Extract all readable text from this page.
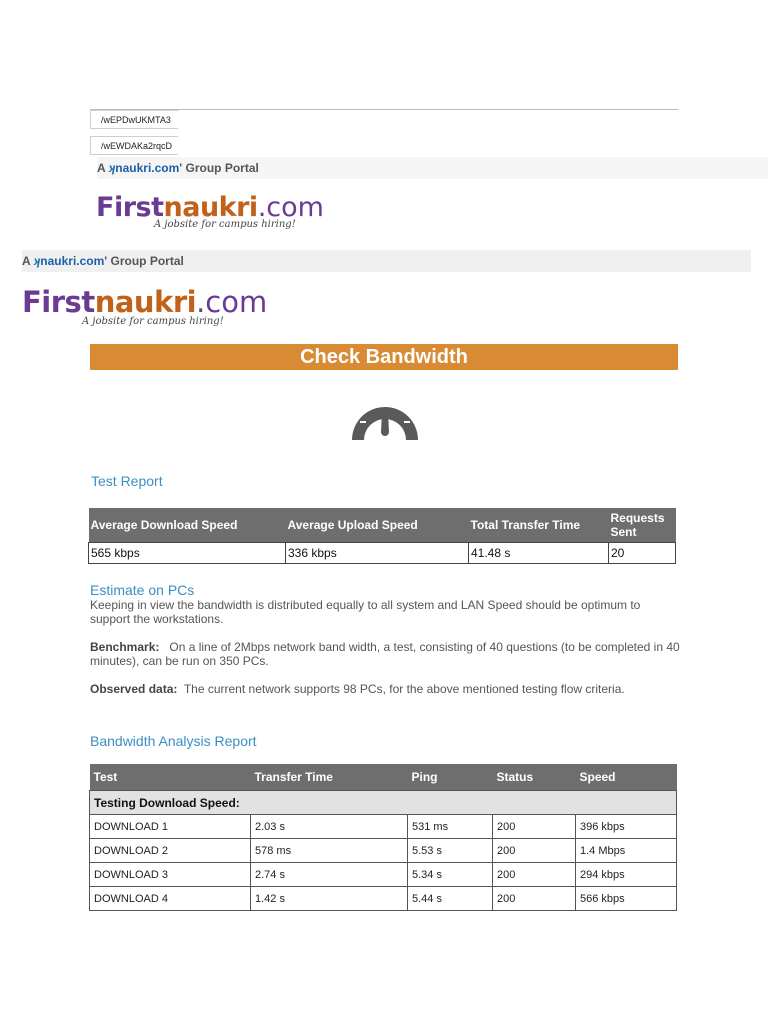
/wEPDwUKMTA3
/wEWDAKa2rqcD
A ʞnaukri.com' Group Portal
Firstnaukri.com
A jobsite for campus hiring!
A ʞnaukri.com' Group Portal
Firstnaukri.com
A jobsite for campus hiring!
Check Bandwidth
Test Report
Average Download Speed	Average Upload Speed	Total Transfer Time	Requests Sent
565 kbps	336 kbps	41.48 s	20
Estimate on PCs
Keeping in view the bandwidth is distributed equally to all system and LAN Speed should be optimum to support the workstations.
Benchmark: On a line of 2Mbps network band width, a test, consisting of 40 questions (to be completed in 40 minutes), can be run on 350 PCs.
Observed data: The current network supports 98 PCs, for the above mentioned testing flow criteria.
Bandwidth Analysis Report
Test	Transfer Time	Ping	Status	Speed
Testing Download Speed:				
DOWNLOAD 1	2.03 s	531 ms	200	396 kbps
DOWNLOAD 2	578 ms	5.53 s	200	1.4 Mbps
DOWNLOAD 3	2.74 s	5.34 s	200	294 kbps
DOWNLOAD 4	1.42 s	5.44 s	200	566 kbps
